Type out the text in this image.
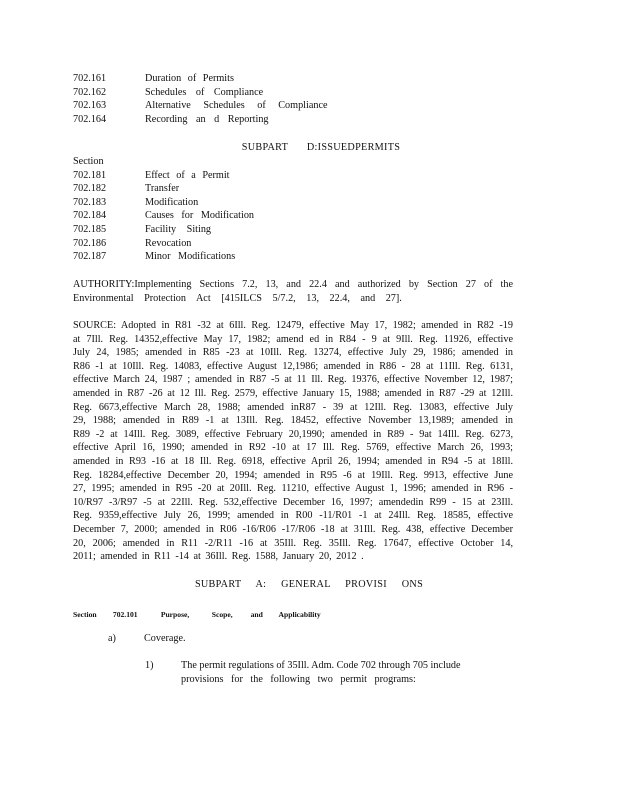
702.161	Duration of Permits
702.162	Schedules of Compliance
702.163	Alternative Schedules of Compliance
702.164	Recording an d Reporting
SUBPART D:ISSUEDPERMITS
Section
702.181	Effect of a Permit
702.182	Transfer
702.183	Modification
702.184	Causes for Modification
702.185	Facility Siting
702.186	Revocation
702.187	Minor Modifications
AUTHORITY:Implementing Sections 7.2, 13, and 22.4 and authorized by Section 27 of the
Environmental Protection Act [415ILCS 5/7.2, 13, 22.4, and 27].
SOURCE: Adopted in R81 -32 at 6Ill. Reg. 12479, effective May 17, 1982; amended in R82 -19
at 7Ill. Reg. 14352,effective May 17, 1982; amend ed in R84 - 9 at 9Ill. Reg. 11926, effective
July 24, 1985; amended in R85 -23 at 10Ill. Reg. 13274, effective July 29, 1986; amended in
R86 -1 at 10Ill. Reg. 14083, effective August 12,1986; amended in R86 - 28 at 11Ill. Reg. 6131,
effective March 24, 1987 ; amended in R87 -5 at 11 Ill. Reg. 19376, effective November 12, 1987;
amended in R87 -26 at 12 Ill. Reg. 2579, effective January 15, 1988; amended in R87 -29 at 12Ill.
Reg. 6673,effective March 28, 1988; amended inR87 - 39 at 12Ill. Reg. 13083, effective July
29, 1988; amended in R89 -1 at 13Ill. Reg. 18452, effective November 13,1989; amended in
R89 -2 at 14Ill. Reg. 3089, effective February 20,1990; amended in R89 - 9at 14Ill. Reg. 6273,
effective April 16, 1990; amended in R92 -10 at 17 Ill. Reg. 5769, effective March 26, 1993;
amended in R93 -16 at 18 Ill. Reg. 6918, effective April 26, 1994; amended in R94 -5 at 18Ill.
Reg. 18284,effective December 20, 1994; amended in R95 -6 at 19Ill. Reg. 9913, effective June
27, 1995; amended in R95 -20 at 20Ill. Reg. 11210, effective August 1, 1996; amended in R96 -
10/R97 -3/R97 -5 at 22Ill. Reg. 532,effective December 16, 1997; amendedin R99 - 15 at 23Ill.
Reg. 9359,effective July 26, 1999; amended in R00 -11/R01 -1 at 24Ill. Reg. 18585, effective
December 7, 2000; amended in R06 -16/R06 -17/R06 -18 at 31Ill. Reg. 438, effective December
20, 2006; amended in R11 -2/R11 -16 at 35Ill. Reg. 35Ill. Reg. 17647, effective October 14,
2011; amended in R11 -14 at 36Ill. Reg. 1588, January 20, 2012 .
SUBPART A: GENERAL PROVISI ONS
Section 702.101	Purpose,	Scope, and Applicability
a)	Coverage.
1)	The permit regulations of 35Ill. Adm. Code 702 through 705 include
provisions for the following two permit programs:
